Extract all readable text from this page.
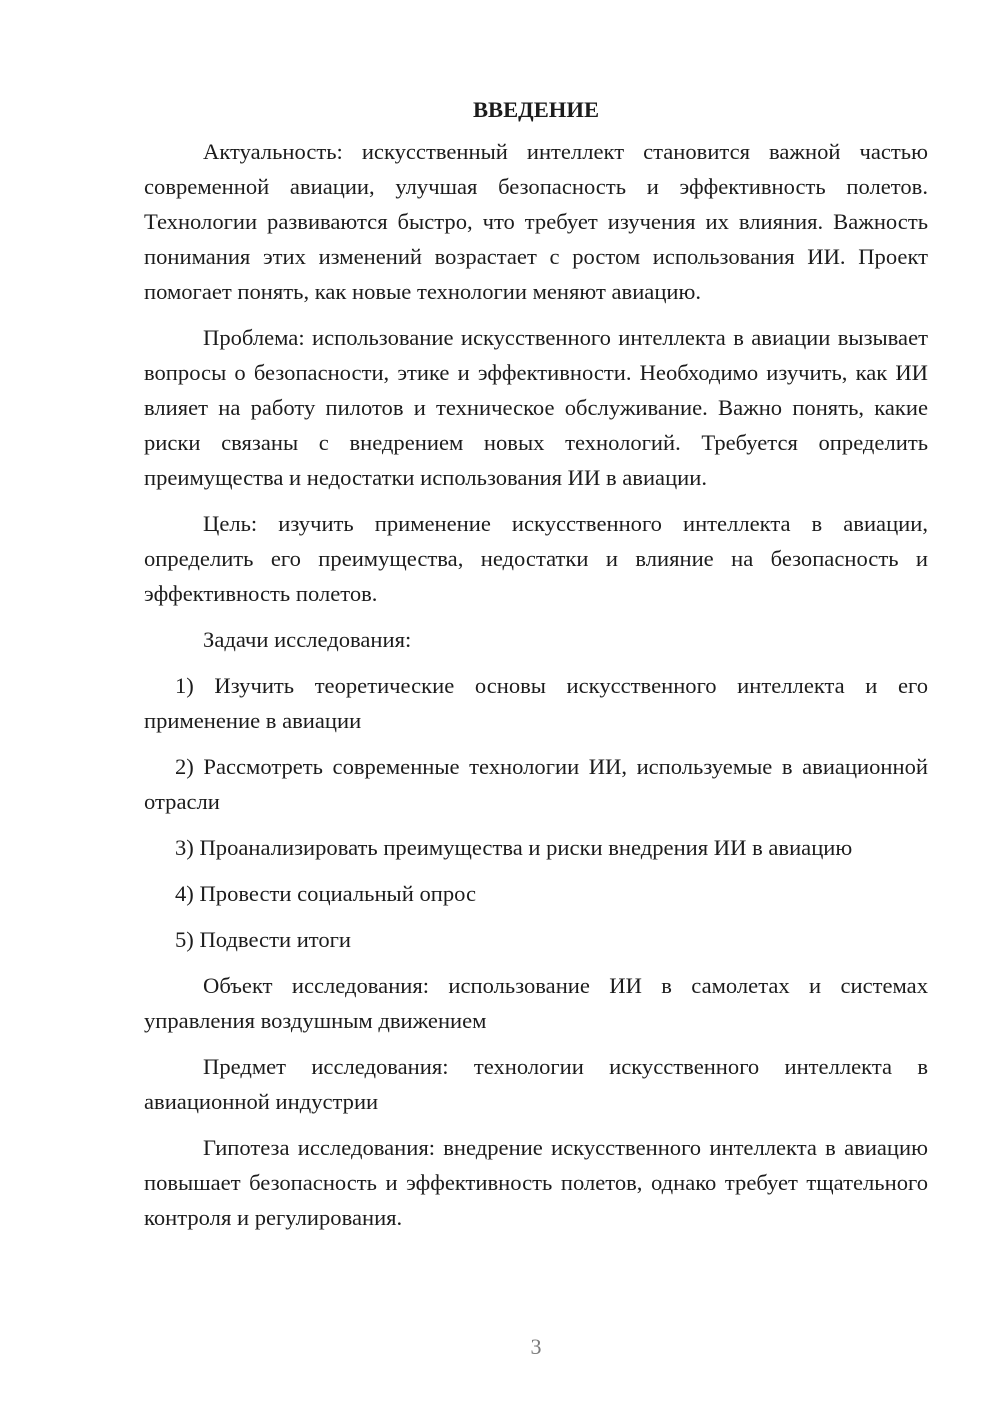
ВВЕДЕНИЕ

Актуальность: искусственный интеллект становится важной частью современной авиации, улучшая безопасность и эффективность полетов. Технологии развиваются быстро, что требует изучения их влияния. Важность понимания этих изменений возрастает с ростом использования ИИ. Проект помогает понять, как новые технологии меняют авиацию.

Проблема: использование искусственного интеллекта в авиации вызывает вопросы о безопасности, этике и эффективности. Необходимо изучить, как ИИ влияет на работу пилотов и техническое обслуживание. Важно понять, какие риски связаны с внедрением новых технологий. Требуется определить преимущества и недостатки использования ИИ в авиации.

Цель: изучить применение искусственного интеллекта в авиации, определить его преимущества, недостатки и влияние на безопасность и эффективность полетов.

Задачи исследования:

1) Изучить теоретические основы искусственного интеллекта и его применение в авиации

2) Рассмотреть современные технологии ИИ, используемые в авиационной отрасли

3) Проанализировать преимущества и риски внедрения ИИ в авиацию

4) Провести социальный опрос

5) Подвести итоги

Объект исследования: использование ИИ в самолетах и системах управления воздушным движением

Предмет исследования: технологии искусственного интеллекта в авиационной индустрии

Гипотеза исследования: внедрение искусственного интеллекта в авиацию повышает безопасность и эффективность полетов, однако требует тщательного контроля и регулирования.

3
